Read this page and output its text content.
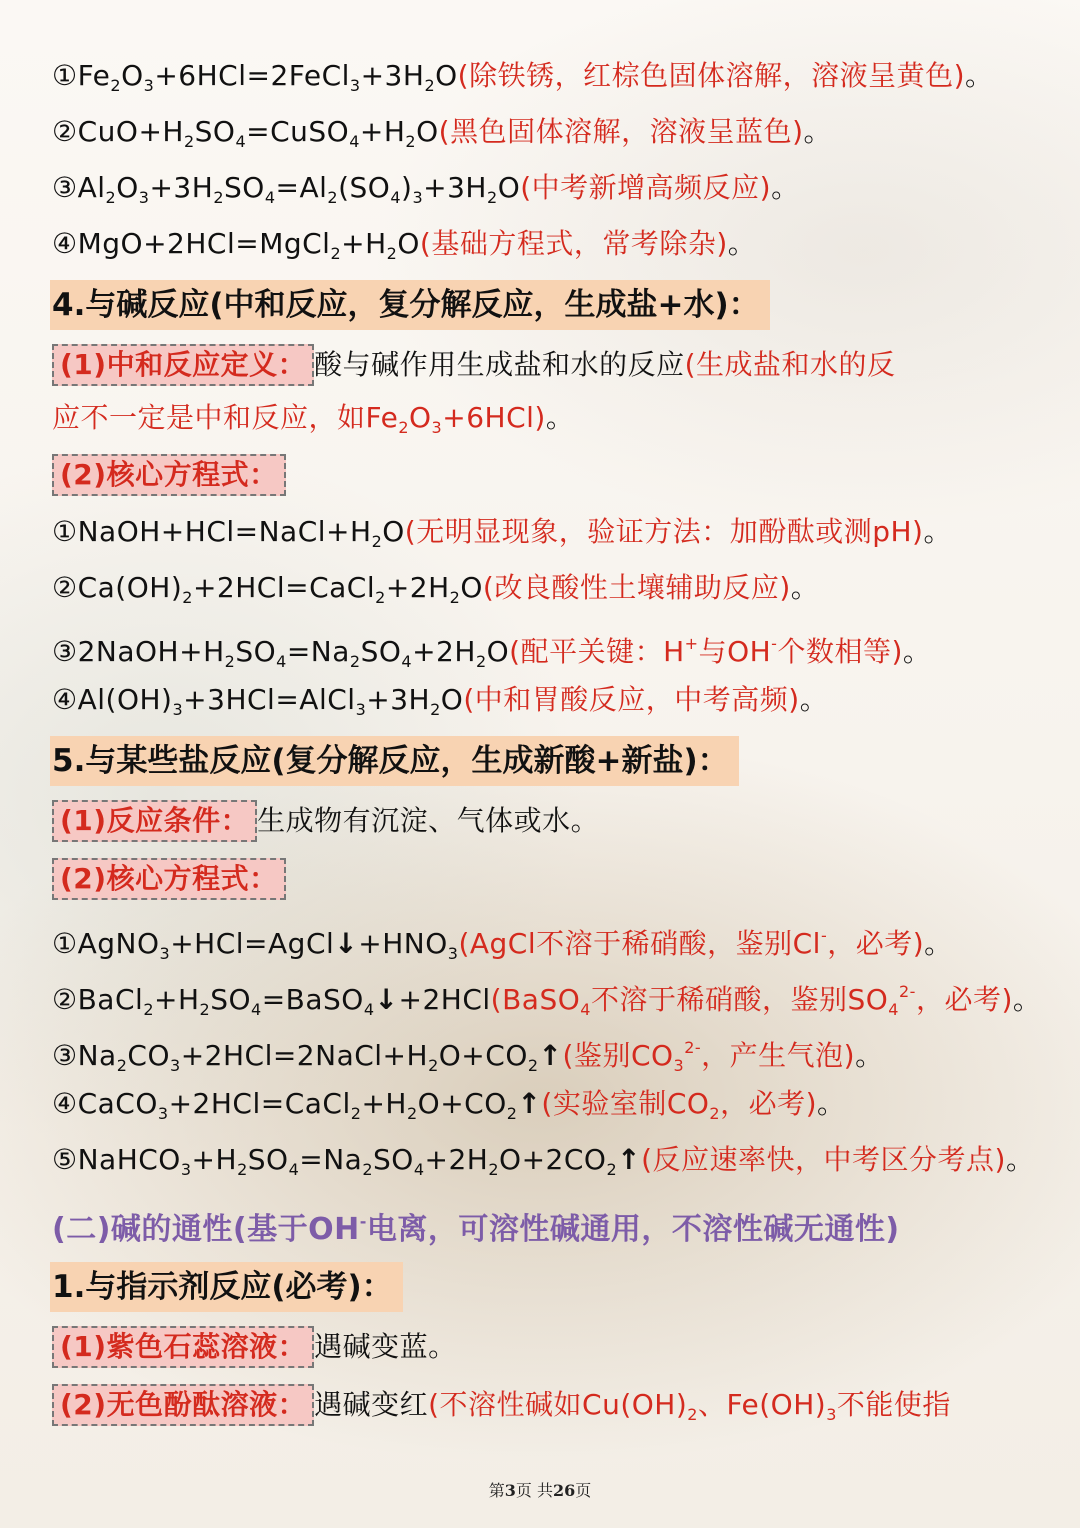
$①Fe_2O_3+6HCl=2FeCl_3+3H_2O$(除铁锈，红棕色固体溶解，溶液呈黄色)。
$②CuO+H_2SO_4=CuSO_4+H_2O$(黑色固体溶解，溶液呈蓝色)。
$③Al_2O_3+3H_2SO_4=Al_2(SO_4)_3+3H_2O$(中考新增高频反应)。
$④MgO+2HCl=MgCl_2+H_2O$(基础方程式，常考除杂)。
4.与碱反应(中和反应，复分解反应，生成盐+水)：
(1)中和反应定义： 酸与碱作用生成盐和水的反应(生成盐和水的反
应不一定是中和反应，如$Fe_2O_3+6HCl$)。
(2)核心方程式：
$①NaOH+HCl=NaCl+H_2O$(无明显现象，验证方法：加酚酞或测pH)。
$②Ca(OH)_2+2HCl=CaCl_2+2H_2O$(改良酸性土壤辅助反应)。
$③2NaOH+H_2SO_4=Na_2SO_4+2H_2O$(配平关键：H+与OH-个数相等)。
$④Al(OH)_3+3HCl=AlCl_3+3H_2O$(中和胃酸反应，中考高频)。
5.与某些盐反应(复分解反应，生成新酸+新盐)：
(1)反应条件： 生成物有沉淀、气体或水。
(2)核心方程式：
$①AgNO_3+HCl=AgCl↓+HNO_3(AgCl$不溶于稀硝酸，鉴别Cl-，必考)。
$②BaCl_2+H_2SO_4=BaSO_4↓+2HCl(BaSO_4$不溶于稀硝酸，鉴别$SO_4^{2-}$，必考)。
$③Na_2CO_3+2HCl=2NaCl+H_2O+CO_2↑$(鉴别$CO_3^{2-}$，产生气泡)。
$④CaCO_3+2HCl=CaCl_2+H_2O+CO_2↑$(实验室制$CO_2$，必考)。
$⑤NaHCO_3+H_2SO_4=Na_2SO_4+2H_2O+2CO_2↑$(反应速率快，中考区分考点)。
(二)碱的通性(基于OH-电离，可溶性碱通用，不溶性碱无通性)
1.与指示剂反应(必考)：
(1)紫色石蕊溶液： 遇碱变蓝。
(2)无色酚酞溶液： 遇碱变红(不溶性碱如$Cu(OH)_2$、$Fe(OH)_3$不能使指
第3页 共26页
